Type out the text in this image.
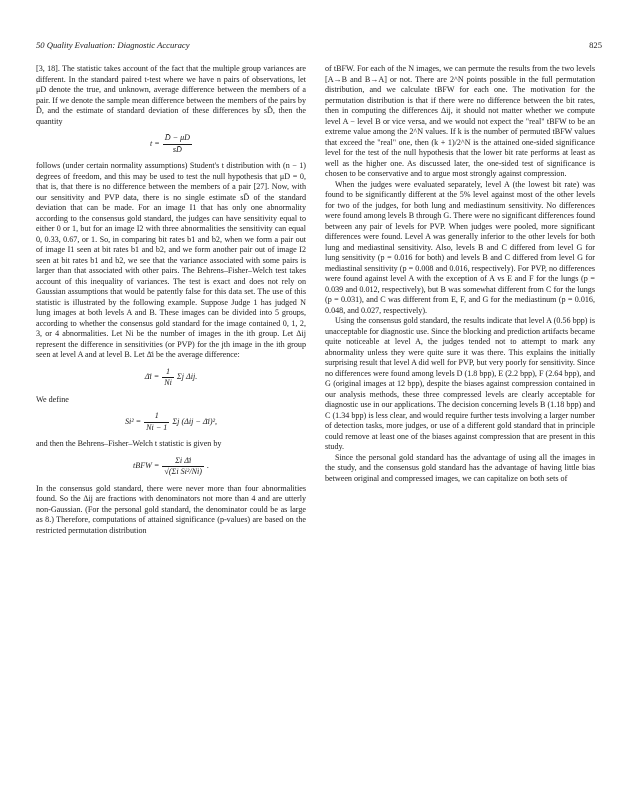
50 Quality Evaluation: Diagnostic Accuracy	825

[3, 18]. The statistic takes account of the fact that the multiple group variances are different. In the standard paired t-test where we have n pairs of observations, let μD denote the true, and unknown, average difference between the members of a pair. If we denote the sample mean difference between the members of the pairs by D̄, and the estimate of standard deviation of these differences by sD̄, then the quantity

$t = \frac{D̄ - \mu D}{sD̄}$

follows (under certain normality assumptions) Student's t distribution with (n − 1) degrees of freedom, and this may be used to test the null hypothesis that μD = 0, that is, that there is no difference between the members of a pair [27]. Now, with our sensitivity and PVP data, there is no single estimate sD̄ of the standard deviation that can be made. For an image I1 that has only one abnormality according to the consensus gold standard, the judges can have sensitivity equal to either 0 or 1, but for an image I2 with three abnormalities the sensitivity can equal 0, 0.33, 0.67, or 1. So, in comparing bit rates b1 and b2, when we form a pair out of image I1 seen at bit rates b1 and b2, and we form another pair out of image I2 seen at bit rates b1 and b2, we see that the variance associated with some pairs is larger than that associated with other pairs. The Behrens–Fisher–Welch test takes account of this inequality of variances. The test is exact and does not rely on Gaussian assumptions that would be patently false for this data set. The use of this statistic is illustrated by the following example. Suppose Judge 1 has judged N lung images at both levels A and B. These images can be divided into 5 groups, according to whether the consensus gold standard for the image contained 0, 1, 2, 3, or 4 abnormalities. Let Ni be the number of images in the ith group. Let Δij represent the difference in sensitivities (or PVP) for the jth image in the ith group seen at level A and at level B. Let Δ̄i be the average difference:

Δ̄i = $\frac{1}{Ni}$ Σj Δij.

We define

$Si^2 = \frac{1}{Ni - 1}$ Σj (Δij − Δ̄i)²,

and then the Behrens–Fisher–Welch t statistic is given by

tBFW = $\frac{\text{Σi Δ̄i}}{\text{√(Σi Si²/Ni)}}$ .

In the consensus gold standard, there were never more than four abnormalities found. So the Δij are fractions with denominators not more than 4 and are utterly non-Gaussian. (For the personal gold standard, the denominator could be as large as 8.) Therefore, computations of attained significance (p-values) are based on the restricted permutation distribution

of tBFW. For each of the N images, we can permute the results from the two levels [A→B and B→A] or not. There are 2^N points possible in the full permutation distribution, and we calculate tBFW for each one. The motivation for the permutation distribution is that if there were no difference between the bit rates, then in computing the differences Δij, it should not matter whether we compute level A − level B or vice versa, and we would not expect the "real" tBFW to be an extreme value among the 2^N values. If k is the number of permuted tBFW values that exceed the "real" one, then (k + 1)/2^N is the attained one-sided significance level for the test of the null hypothesis that the lower bit rate performs at least as well as the higher one. As discussed later, the one-sided test of significance is chosen to be conservative and to argue most strongly against compression.

When the judges were evaluated separately, level A (the lowest bit rate) was found to be significantly different at the 5% level against most of the other levels for two of the judges, for both lung and mediastinum sensitivity. No differences were found among levels B through G. There were no significant differences found between any pair of levels for PVP. When judges were pooled, more significant differences were found. Level A was generally inferior to the other levels for both lung and mediastinal sensitivity. Also, levels B and C differed from level G for lung sensitivity (p = 0.016 for both) and levels B and C differed from level G for mediastinal sensitivity (p = 0.008 and 0.016, respectively). For PVP, no differences were found against level A with the exception of A vs E and F for the lungs (p = 0.039 and 0.012, respectively), but B was somewhat different from C for the lungs (p = 0.031), and C was different from E, F, and G for the mediastinum (p = 0.016, 0.048, and 0.027, respectively).

Using the consensus gold standard, the results indicate that level A (0.56 bpp) is unacceptable for diagnostic use. Since the blocking and prediction artifacts became quite noticeable at level A, the judges tended not to attempt to mark any abnormality unless they were quite sure it was there. This explains the initially surprising result that level A did well for PVP, but very poorly for sensitivity. Since no differences were found among levels D (1.8 bpp), E (2.2 bpp), F (2.64 bpp), and G (original images at 12 bpp), despite the biases against compression contained in our analysis methods, these three compressed levels are clearly acceptable for diagnostic use in our applications. The decision concerning levels B (1.18 bpp) and C (1.34 bpp) is less clear, and would require further tests involving a larger number of detection tasks, more judges, or use of a different gold standard that in principle could remove at least one of the biases against compression that are present in this study.

Since the personal gold standard has the advantage of using all the images in the study, and the consensus gold standard has the advantage of having little bias between original and compressed images, we can capitalize on both sets of
